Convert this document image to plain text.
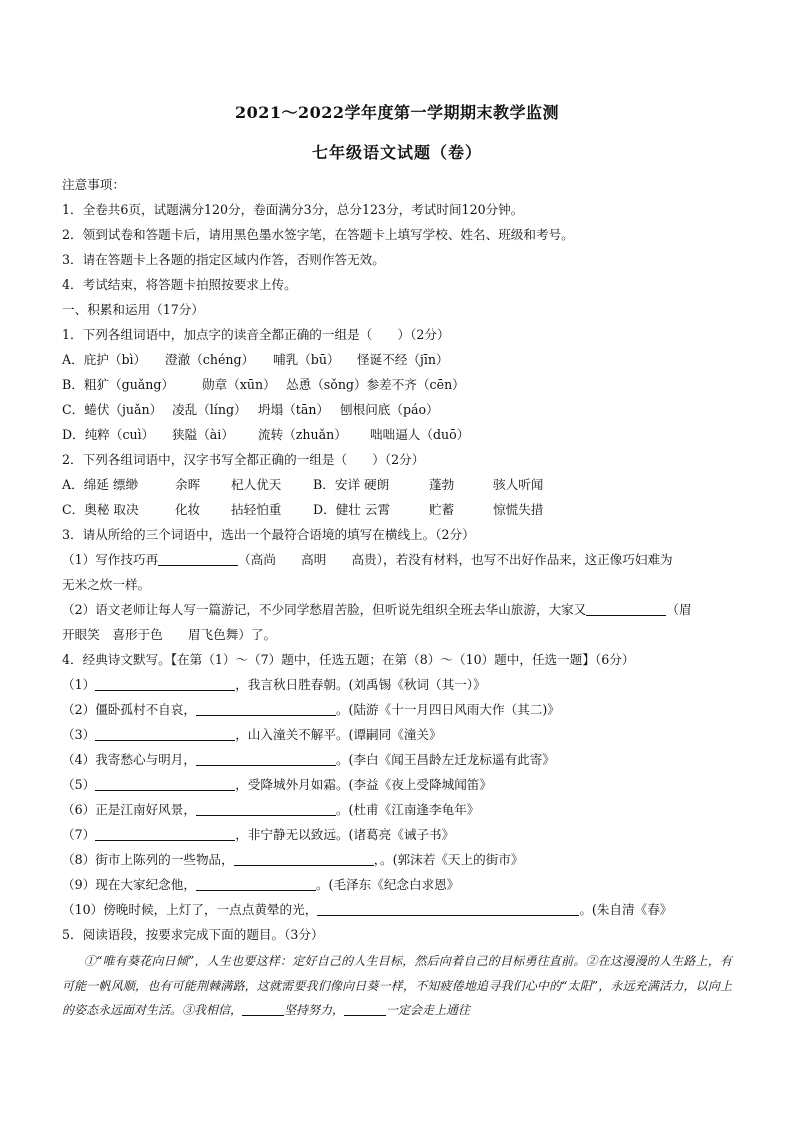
2021～2022学年度第一学期期末教学监测
七年级语文试题（卷）
注意事项：
1．全卷共6页，试题满分120分，卷面满分3分，总分123分，考试时间120分钟。
2．领到试卷和答题卡后，请用黑色墨水签字笔，在答题卡上填写学校、姓名、班级和考号。
3．请在答题卡上各题的指定区域内作答，否则作答无效。
4．考试结束，将答题卡拍照按要求上传。
一、积累和运用（17分）
1．下列各组词语中，加点字的读音全都正确的一组是（　　）（2分）
A．庇护（bì） 澄澈（chéng） 哺乳（bū） 怪诞不经（jīn）
B．粗犷（guǎng） 勋章（xūn） 怂恿（sǒng）参差不齐（cēn）
C．蜷伏（juǎn） 凌乱（líng） 坍塌（tān） 刨根问底（páo）
D．纯粹（cuì） 狭隘（ài） 流转（zhuǎn） 咄咄逼人（duō）
2．下列各组词语中，汉字书写全都正确的一组是（　　）（2分）
A．绵延 缥缈	余晖 杞人优天	B．安详 硬朗	蓬勃	骇人听闻
C．奥秘 取决	化妆 拈轻怕重	D．健壮 云霄	贮蓄	惊慌失措
3．请从所给的三个词语中，选出一个最符合语境的填写在横线上。（2分）
（1）写作技巧再	（高尚　　高明　　高贵），若没有材料，也写不出好作品来，这正像巧妇难为
无米之炊一样。
（2）语文老师让每人写一篇游记，不少同学愁眉苦脸，但听说先组织全班去华山旅游，大家又	（眉
开眼笑　喜形于色　　眉飞色舞）了。
4．经典诗文默写。【在第（1）～（7）题中，任选五题；在第（8）～（10）题中，任选一题】（6分）
（1）	，我言秋日胜春朝。(刘禹锡《秋词（其一）》
（2）僵卧孤村不自哀，	。(陆游《十一月四日风雨大作（其二)》
（3）	，山入潼关不解平。(谭嗣同《潼关》
（4）我寄愁心与明月，	。(李白《闻王昌龄左迁龙标遥有此寄》
（5）	，受降城外月如霜。(李益《夜上受降城闻笛》
（6）正是江南好风景，	。(杜甫《江南逢李龟年》
（7）	，非宁静无以致远。(诸葛亮《诫子书》
（8）街市上陈列的一些物品，	，。(郭沫若《天上的街市》
（9）现在大家纪念他，	。(毛泽东《纪念白求恩》
（10）傍晚时候，上灯了，一点点黄晕的光，	。(朱自清《春》
5．阅读语段，按要求完成下面的题目。（3分）
①“唯有葵花向日倾”，人生也要这样：定好自己的人生目标，然后向着自己的目标勇往直前。②在这漫漫的人生路上，有可能一帆风顺，也有可能荆棘满路，这就需要我们像向日葵一样，不知疲倦地追寻我们心中的“太阳”，永远充满活力，以向上的姿态永远面对生活。③我相信，	坚持努力，	一定会走上通往
